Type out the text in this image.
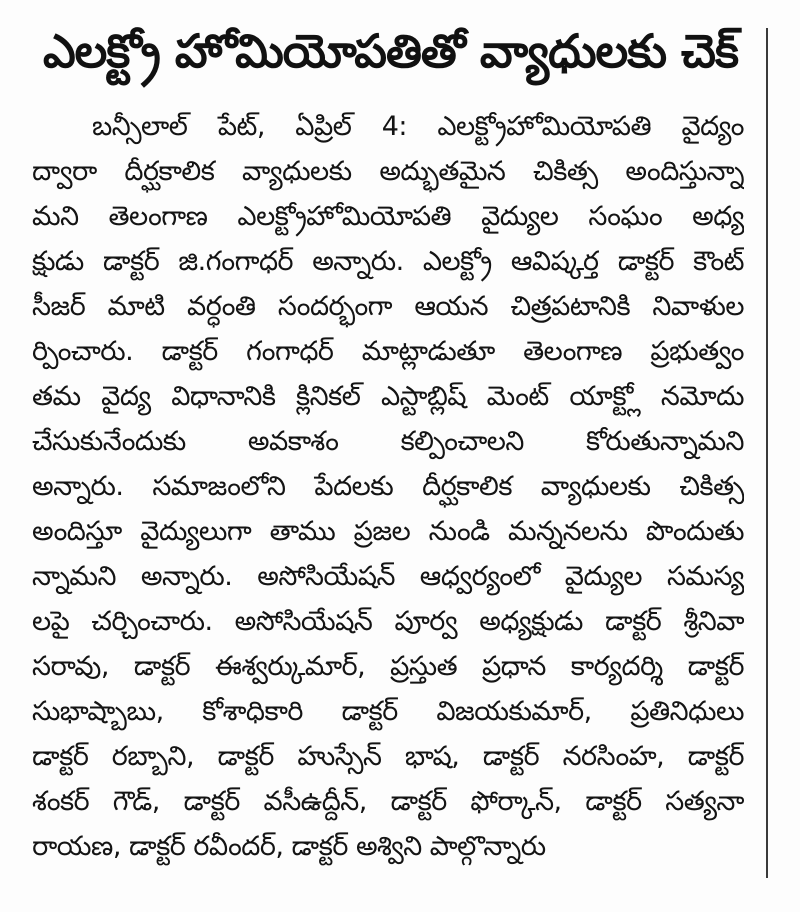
ఎలక్ట్రో హోమియోపతితో వ్యాధులకు చెక్
బన్సీలాల్ పేట్, ఏప్రిల్ 4: ఎలక్ట్రోహోమియోపతి వైద్యం
ద్వారా దీర్ఘకాలిక వ్యాధులకు అద్భుతమైన చికిత్స అందిస్తున్నా
మని తెలంగాణ ఎలక్ట్రోహోమియోపతి వైద్యుల సంఘం అధ్య
క్షుడు డాక్టర్ జి.గంగాధర్ అన్నారు. ఎలక్ట్రో ఆవిష్కర్త డాక్టర్ కౌంట్
సీజర్ మాటి వర్ధంతి సందర్భంగా ఆయన చిత్రపటానికి నివాళుల
ర్పించారు. డాక్టర్ గంగాధర్ మాట్లాడుతూ తెలంగాణ ప్రభుత్వం
తమ వైద్య విధానానికి క్లినికల్ ఎస్టాబ్లిష్ మెంట్ యాక్ట్లో నమోదు
చేసుకునేందుకు అవకాశం కల్పించాలని కోరుతున్నామని
అన్నారు. సమాజంలోని పేదలకు దీర్ఘకాలిక వ్యాధులకు చికిత్స
అందిస్తూ వైద్యులుగా తాము ప్రజల నుండి మన్ననలను పొందుతు
న్నామని అన్నారు. అసోసియేషన్ ఆధ్వర్యంలో వైద్యుల సమస్య
లపై చర్చించారు. అసోసియేషన్ పూర్వ అధ్యక్షుడు డాక్టర్ శ్రీనివా
సరావు, డాక్టర్ ఈశ్వర్కుమార్, ప్రస్తుత ప్రధాన కార్యదర్శి డాక్టర్
సుభాష్బాబు, కోశాధికారి డాక్టర్ విజయకుమార్, ప్రతినిధులు
డాక్టర్ రబ్బాని, డాక్టర్ హుస్సేన్ భాష, డాక్టర్ నరసింహ, డాక్టర్
శంకర్ గౌడ్, డాక్టర్ వసీఉద్దీన్, డాక్టర్ ఫోర్కాన్, డాక్టర్ సత్యనా
రాయణ, డాక్టర్ రవీందర్, డాక్టర్ అశ్విని పాల్గొన్నారు
